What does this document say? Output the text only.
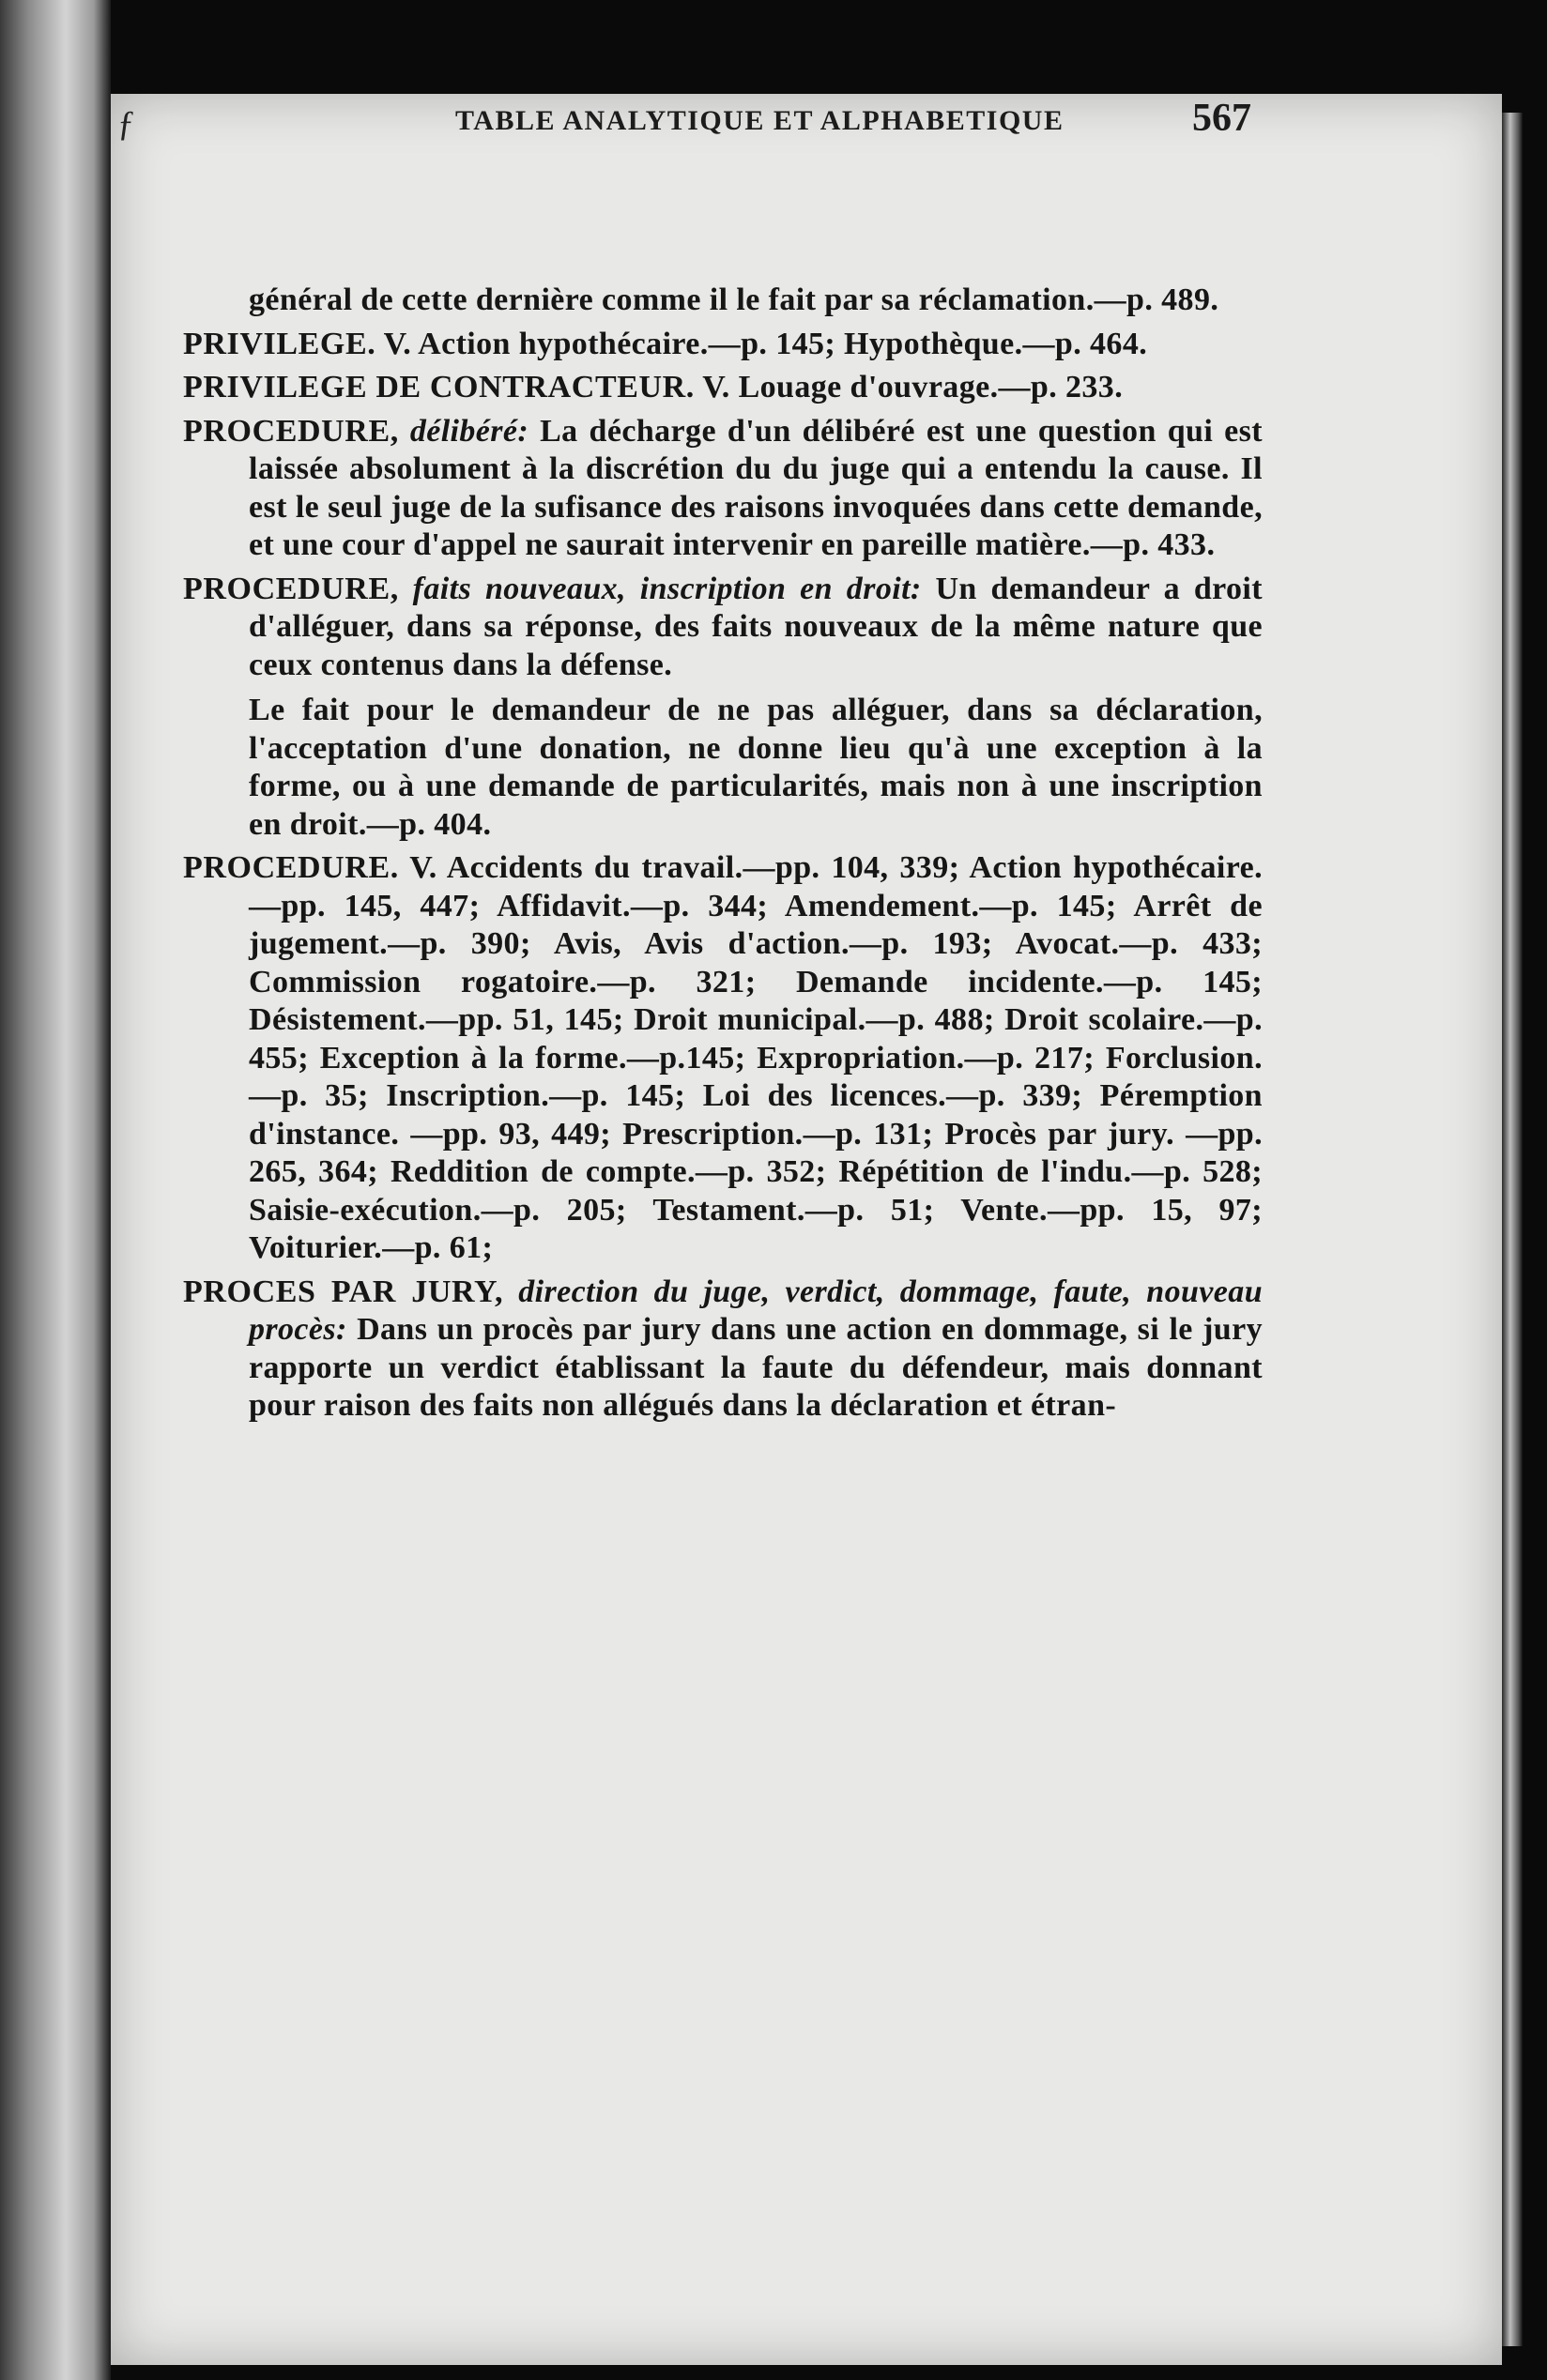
ƒ	TABLE ANALYTIQUE ET ALPHABETIQUE	567
général de cette dernière comme il le fait par sa réclamation.—p. 489.
PRIVILEGE. V. Action hypothécaire.—p. 145; Hypothèque.—p. 464.
PRIVILEGE DE CONTRACTEUR. V. Louage d'ouvrage.—p. 233.
PROCEDURE, délibéré: La décharge d'un délibéré est une question qui est laissée absolument à la discrétion du du juge qui a entendu la cause. Il est le seul juge de la sufisance des raisons invoquées dans cette demande, et une cour d'appel ne saurait intervenir en pareille matière.—p. 433.
PROCEDURE, faits nouveaux, inscription en droit: Un demandeur a droit d'alléguer, dans sa réponse, des faits nouveaux de la même nature que ceux contenus dans la défense.
Le fait pour le demandeur de ne pas alléguer, dans sa déclaration, l'acceptation d'une donation, ne donne lieu qu'à une exception à la forme, ou à une demande de particularités, mais non à une inscription en droit.—p. 404.
PROCEDURE. V. Accidents du travail.—pp. 104, 339; Action hypothécaire.—pp. 145, 447; Affidavit.—p. 344; Amendement.—p. 145; Arrêt de jugement.—p. 390; Avis, Avis d'action.—p. 193; Avocat.—p. 433; Commission rogatoire.—p. 321; Demande incidente.—p. 145; Désistement.—pp. 51, 145; Droit municipal.—p. 488; Droit scolaire.—p. 455; Exception à la forme.—p.145; Expropriation.—p. 217; Forclusion.—p. 35; Inscription.—p. 145; Loi des licences.—p. 339; Péremption d'instance. —pp. 93, 449; Prescription.—p. 131; Procès par jury. —pp. 265, 364; Reddition de compte.—p. 352; Répétition de l'indu.—p. 528; Saisie-exécution.—p. 205; Testament.—p. 51; Vente.—pp. 15, 97; Voiturier.—p. 61;
PROCES PAR JURY, direction du juge, verdict, dommage, faute, nouveau procès: Dans un procès par jury dans une action en dommage, si le jury rapporte un verdict établissant la faute du défendeur, mais donnant pour raison des faits non allégués dans la déclaration et étran-
